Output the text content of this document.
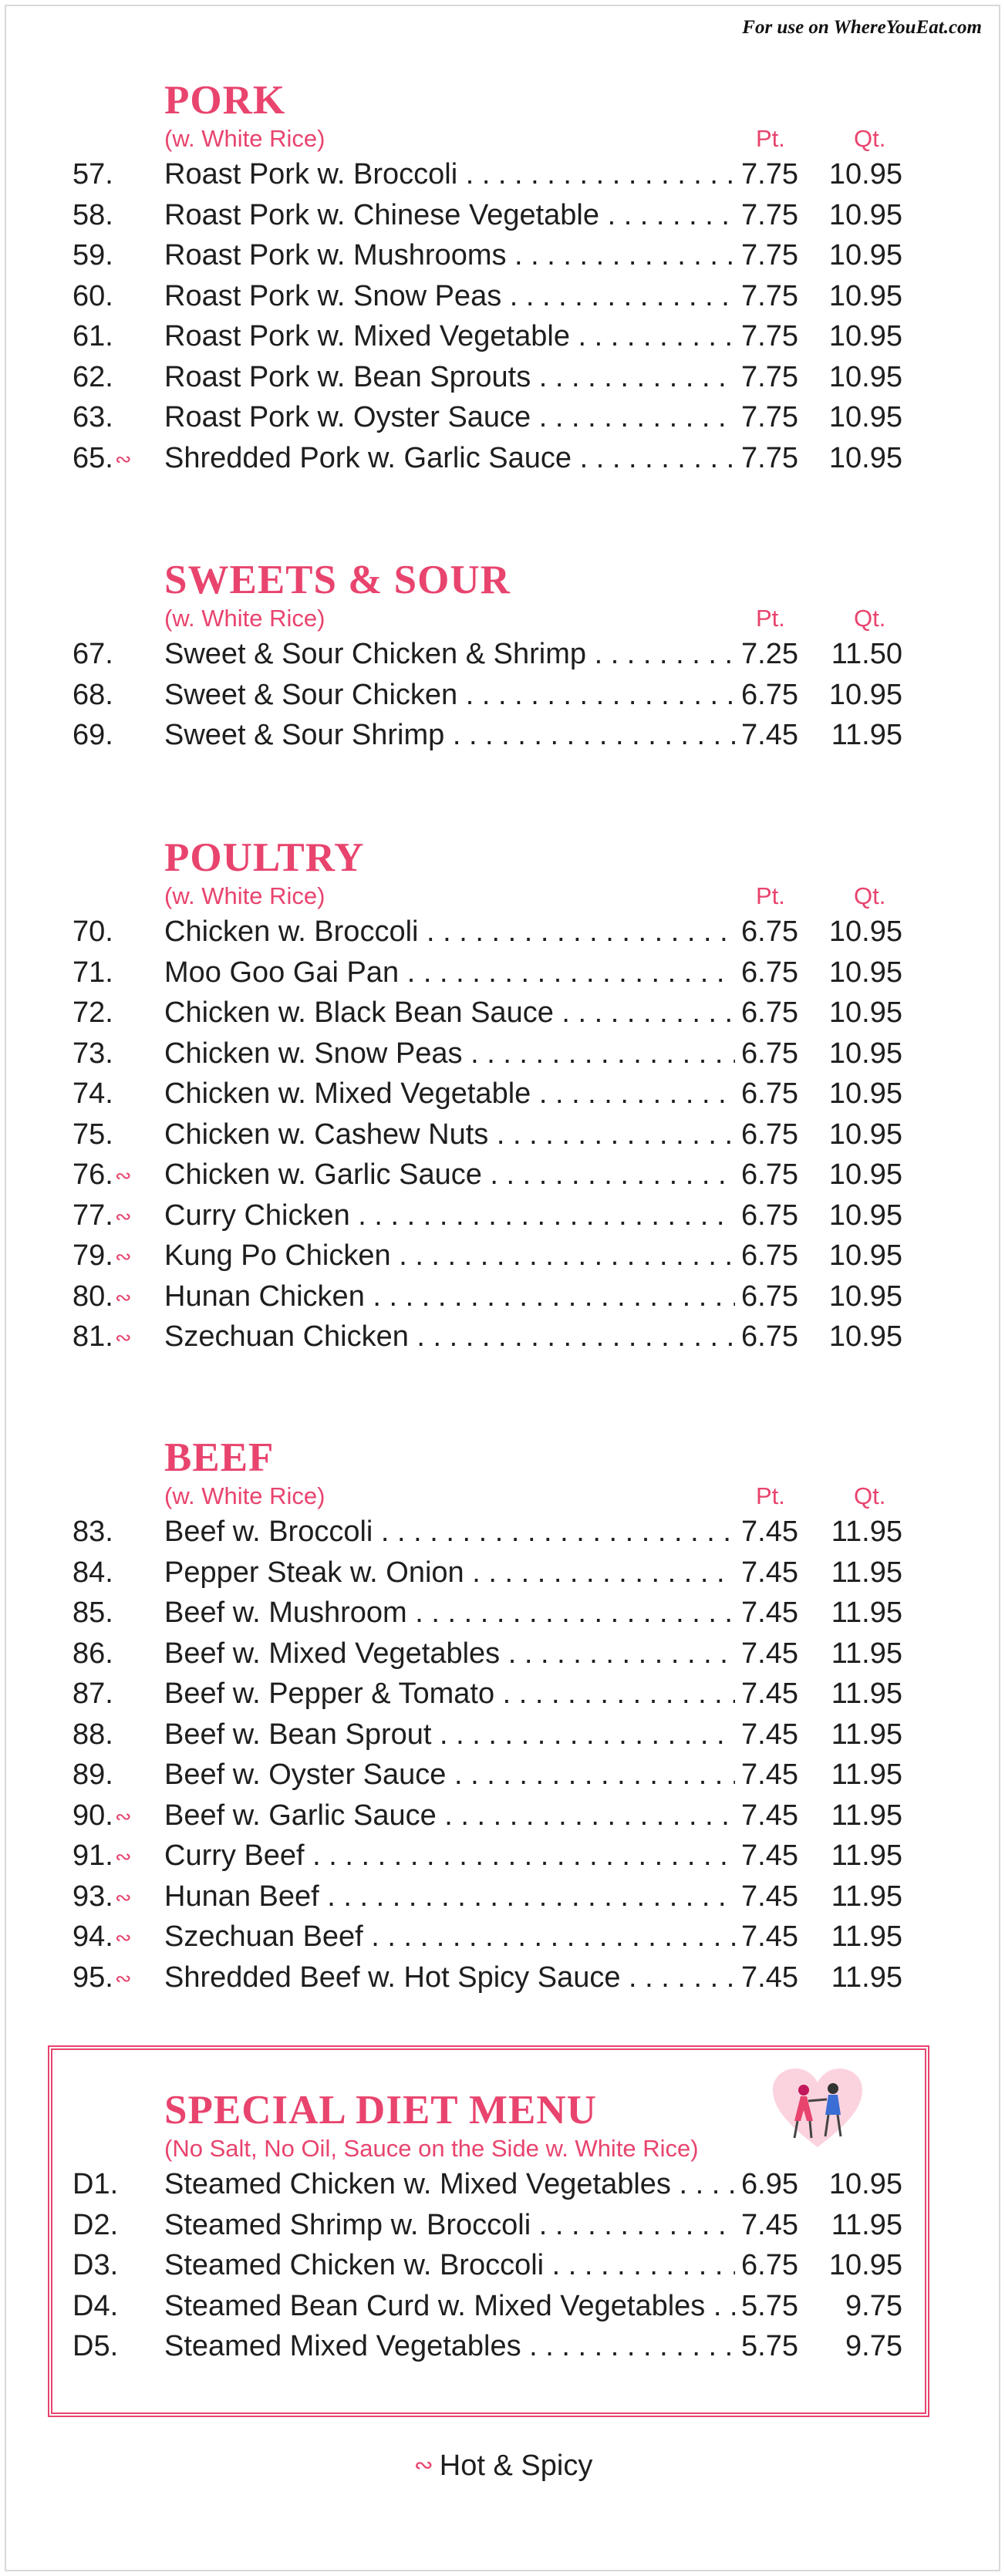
For use on WhereYouEat.com
PORK
(w. White Rice)	Pt.	Qt.
57.	Roast Pork w. Broccoli . . .	7.75	10.95
58.	Roast Pork w. Chinese Vegetable . . .	7.75	10.95
59.	Roast Pork w. Mushrooms . . .	7.75	10.95
60.	Roast Pork w. Snow Peas . . .	7.75	10.95
61.	Roast Pork w. Mixed Vegetable . . .	7.75	10.95
62.	Roast Pork w. Bean Sprouts . . .	7.75	10.95
63.	Roast Pork w. Oyster Sauce . . .	7.75	10.95
65.∾	Shredded Pork w. Garlic Sauce . . .	7.75	10.95
SWEETS & SOUR
(w. White Rice)	Pt.	Qt.
67.	Sweet & Sour Chicken & Shrimp . . .	7.25	11.50
68.	Sweet & Sour Chicken . . .	6.75	10.95
69.	Sweet & Sour Shrimp . . .	7.45	11.95
POULTRY
(w. White Rice)	Pt.	Qt.
70.	Chicken w. Broccoli . . .	6.75	10.95
71.	Moo Goo Gai Pan . . .	6.75	10.95
72.	Chicken w. Black Bean Sauce . . .	6.75	10.95
73.	Chicken w. Snow Peas . . .	6.75	10.95
74.	Chicken w. Mixed Vegetable . . .	6.75	10.95
75.	Chicken w. Cashew Nuts . . .	6.75	10.95
76.∾	Chicken w. Garlic Sauce . . .	6.75	10.95
77.∾	Curry Chicken . . .	6.75	10.95
79.∾	Kung Po Chicken . . .	6.75	10.95
80.∾	Hunan Chicken . . .	6.75	10.95
81.∾	Szechuan Chicken . . .	6.75	10.95
BEEF
(w. White Rice)	Pt.	Qt.
83.	Beef w. Broccoli . . .	7.45	11.95
84.	Pepper Steak w. Onion . . .	7.45	11.95
85.	Beef w. Mushroom . . .	7.45	11.95
86.	Beef w. Mixed Vegetables . . .	7.45	11.95
87.	Beef w. Pepper & Tomato . . .	7.45	11.95
88.	Beef w. Bean Sprout . . .	7.45	11.95
89.	Beef w. Oyster Sauce . . .	7.45	11.95
90.∾	Beef w. Garlic Sauce . . .	7.45	11.95
91.∾	Curry Beef . . .	7.45	11.95
93.∾	Hunan Beef . . .	7.45	11.95
94.∾	Szechuan Beef . . .	7.45	11.95
95.∾	Shredded Beef w. Hot Spicy Sauce . . .	7.45	11.95
SPECIAL DIET MENU
(No Salt, No Oil, Sauce on the Side w. White Rice)
D1.	Steamed Chicken w. Mixed Vegetables . . .	6.95	10.95
D2.	Steamed Shrimp w. Broccoli . . .	7.45	11.95
D3.	Steamed Chicken w. Broccoli . . .	6.75	10.95
D4.	Steamed Bean Curd w. Mixed Vegetables . . .	5.75	9.75
D5.	Steamed Mixed Vegetables . . .	5.75	9.75
∾ Hot & Spicy
